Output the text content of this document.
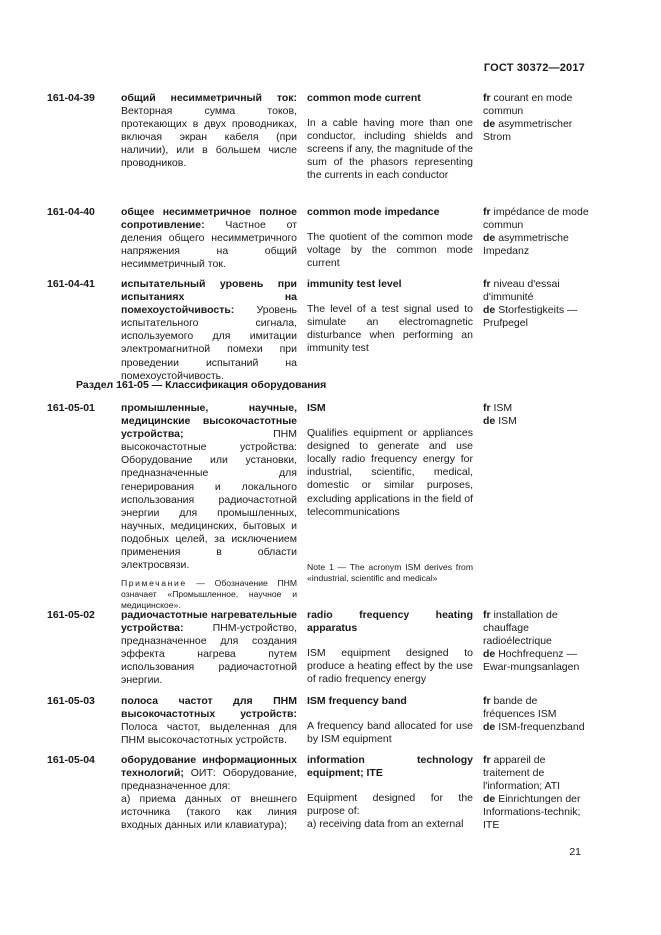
ГОСТ 30372—2017
161-04-39 общий несимметричный ток: Векторная сумма токов, протекающих в двух проводниках, включая экран кабеля (при наличии), или в большем числе проводников.

common mode current

In a cable having more than one conductor, including shields and screens if any, the magnitude of the sum of the phasors representing the currents in each conductor

fr courant en mode commun

de asymmetrischer Strom

161-04-40 общее несимметричное полное сопротивление: Частное от деления общего несимметричного напряжения на общий несимметричный ток.

common mode impedance

The quotient of the common mode voltage by the common mode current

fr impédance de mode commun

de asymmetrische Impedanz

161-04-41 испытательный уровень при испытаниях на помехоустойчивость: Уровень испытательного сигнала, используемого для имитации электромагнитной помехи при проведении испытаний на помехоустойчивость.

immunity test level

The level of a test signal used to simulate an electromagnetic disturbance when performing an immunity test

fr niveau d'essai d'immunité

de Storfestigkeits — Prufpegel

Раздел 161-05 — Классификация оборудования
161-05-01 промышленные, научные, медицинские высокочастотные устройства;	ПНМ высокочастотные устройства: Оборудование или установки, предназначенные для генерирования и локального использования радиочастотной энергии для промышленных, научных, медицинских, бытовых и подобных целей, за исключением применения в области электросвязи.

Примечание — Обозначение ПНМ означает «Промышленное, научное и медицинское».

ISM

Qualifies equipment or appliances designed to generate and use locally radio frequency energy for industrial, scientific, medical, domestic or similar purposes, excluding applications in the field of telecommunications

Note 1 — The acronym ISM derives from «industrial, scientific and medical»

fr ISM

de ISM

161-05-02 радиочастотные нагревательные устройства:	ПНМ-устройство, предназначенное для создания эффекта нагрева путем использования радиочастотной энергии.

radio frequency heating apparatus

ISM equipment designed to produce a heating effect by the use of radio frequency energy

fr installation de chauffage radioélectrique

de Hochfrequenz — Ewar-mungsanlagen

161-05-03 полоса частот для ПНМ высокочастотных устройств: Полоса частот, выделенная для ПНМ высокочастотных устройств.

ISM frequency band

A frequency band allocated for use by ISM equipment

fr bande de fréquences ISM

de ISM-frequenzband

161-05-04 оборудование информационных технологий; ОИТ: Оборудование, предназначенное для:

а) приема данных от внешнего источника (такого как линия входных данных или клавиатура);

information technology equipment; ITE

Equipment designed for the purpose of:

a) receiving data from an external

fr appareil de traitement de l'information; ATI

de Einrichtungen der Informations-technik; ITE

21
